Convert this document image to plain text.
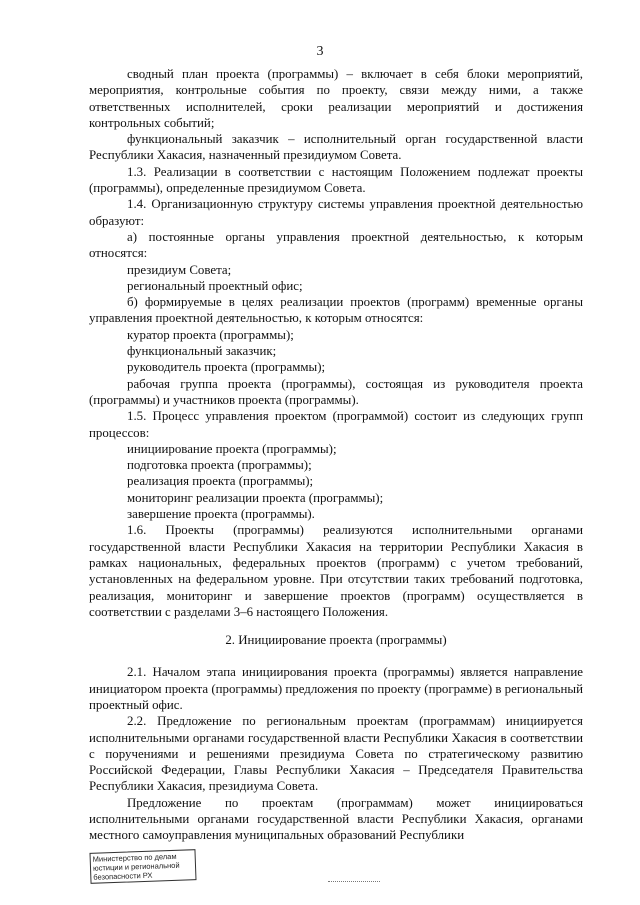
3

сводный план проекта (программы) – включает в себя блоки мероприятий, мероприятия, контрольные события по проекту, связи между ними, а также ответственных исполнителей, сроки реализации мероприятий и достижения контрольных событий;

функциональный заказчик – исполнительный орган государственной власти Республики Хакасия, назначенный президиумом Совета.

1.3. Реализации в соответствии с настоящим Положением подлежат проекты (программы), определенные президиумом Совета.

1.4. Организационную структуру системы управления проектной деятельностью образуют:

а) постоянные органы управления проектной деятельностью, к которым относятся:

президиум Совета;

региональный проектный офис;

б) формируемые в целях реализации проектов (программ) временные органы управления проектной деятельностью, к которым относятся:

куратор проекта (программы);

функциональный заказчик;

руководитель проекта (программы);

рабочая группа проекта (программы), состоящая из руководителя проекта (программы) и участников проекта (программы).

1.5. Процесс управления проектом (программой) состоит из следующих групп процессов:

инициирование проекта (программы);

подготовка проекта (программы);

реализация проекта (программы);

мониторинг реализации проекта (программы);

завершение проекта (программы).

1.6. Проекты (программы) реализуются исполнительными органами государственной власти Республики Хакасия на территории Республики Хакасия в рамках национальных, федеральных проектов (программ) с учетом требований, установленных на федеральном уровне. При отсутствии таких требований подготовка, реализация, мониторинг и завершение проектов (программ) осуществляется в соответствии с разделами 3–6 настоящего Положения.

2. Инициирование проекта (программы)

2.1. Началом этапа инициирования проекта (программы) является направление инициатором проекта (программы) предложения по проекту (программе) в региональный проектный офис.

2.2. Предложение по региональным проектам (программам) инициируется исполнительными органами государственной власти Республики Хакасия в соответствии с поручениями и решениями президиума Совета по стратегическому развитию Российской Федерации, Главы Республики Хакасия – Председателя Правительства Республики Хакасия, президиума Совета.

Предложение по проектам (программам) может инициироваться исполнительными органами государственной власти Республики Хакасия, органами местного самоуправления муниципальных образований Республики

Министерство по делам
юстиции и региональной
безопасности РХ
